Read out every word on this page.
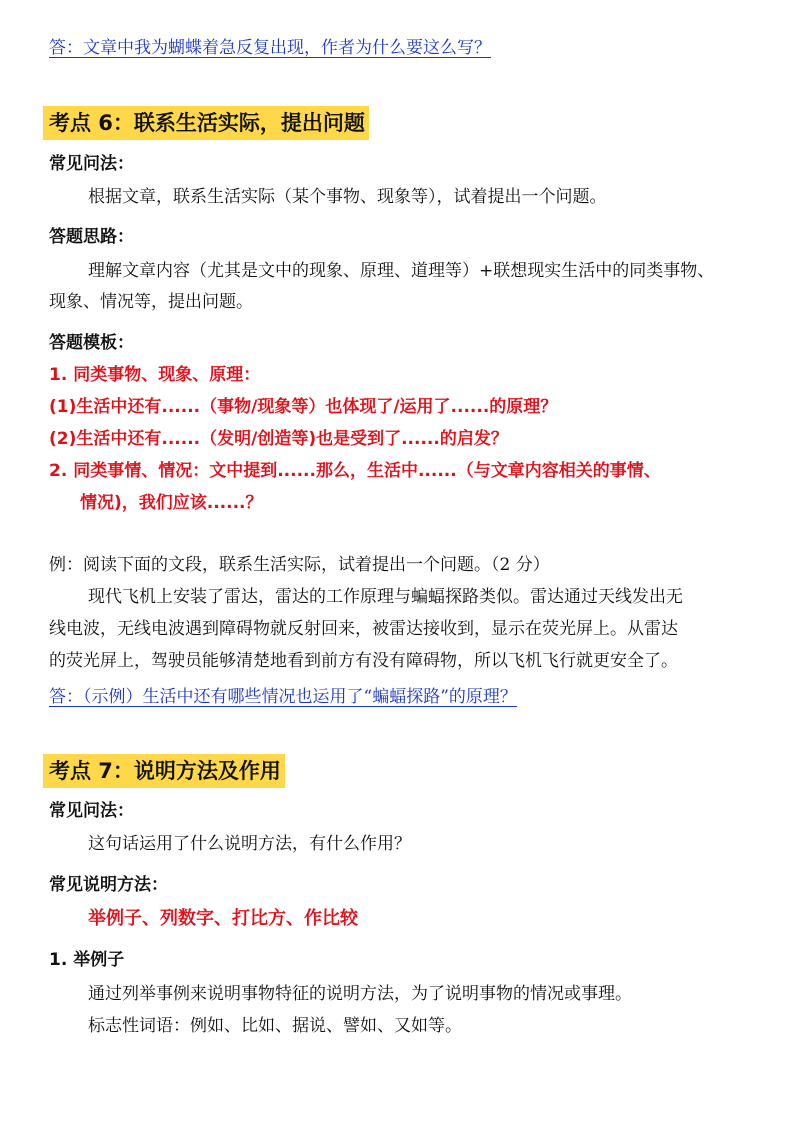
答：文章中我为蝴蝶着急反复出现，作者为什么要这么写？
考点 6：联系生活实际，提出问题
常见问法：
根据文章，联系生活实际（某个事物、现象等），试着提出一个问题。
答题思路：
理解文章内容（尤其是文中的现象、原理、道理等）+联想现实生活中的同类事物、
现象、情况等，提出问题。
答题模板：
1. 同类事物、现象、原理：
(1)生活中还有......（事物/现象等）也体现了/运用了......的原理？
(2)生活中还有......（发明/创造等)也是受到了......的启发？
2. 同类事情、情况：文中提到......那么，生活中......（与文章内容相关的事情、
情况)，我们应该......？
例：阅读下面的文段，联系生活实际，试着提出一个问题。（2 分）
现代飞机上安装了雷达，雷达的工作原理与蝙蝠探路类似。雷达通过天线发出无
线电波，无线电波遇到障碍物就反射回来，被雷达接收到，显示在荧光屏上。从雷达
的荧光屏上，驾驶员能够清楚地看到前方有没有障碍物，所以飞机飞行就更安全了。
答：（示例）生活中还有哪些情况也运用了“蝙蝠探路”的原理？
考点 7：说明方法及作用
常见问法：
这句话运用了什么说明方法，有什么作用？
常见说明方法：
举例子、列数字、打比方、作比较
1. 举例子
通过列举事例来说明事物特征的说明方法，为了说明事物的情况或事理。
标志性词语：例如、比如、据说、譬如、又如等。
